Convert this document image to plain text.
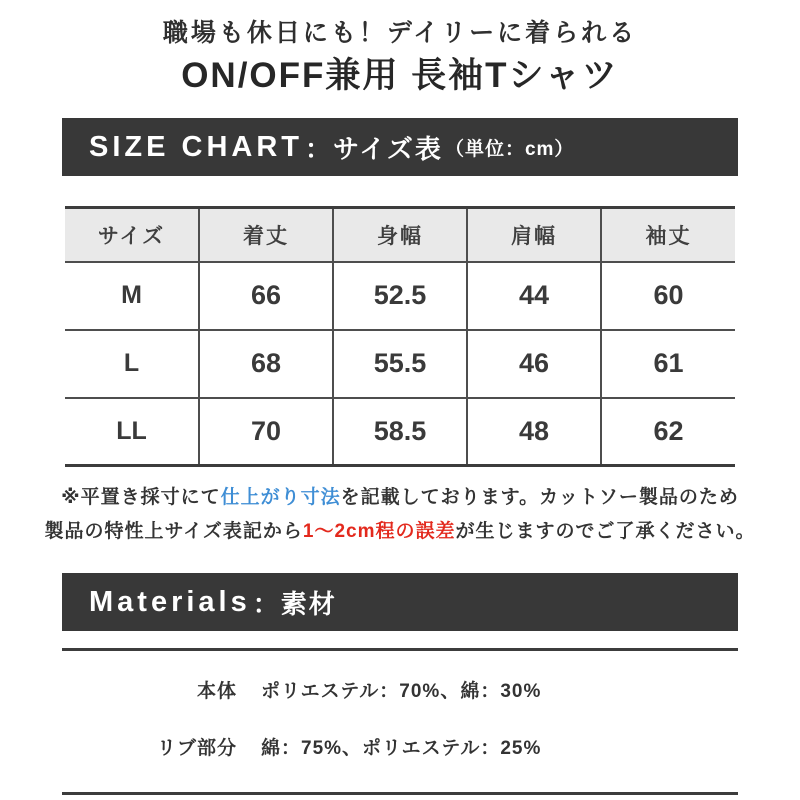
職場も休日にも！デイリーに着られる
ON/OFF兼用 長袖Tシャツ
SIZE CHART ： サイズ表 （単位：cm）
サイズ	着丈	身幅	肩幅	袖丈
M	66	52.5	44	60
L	68	55.5	46	61
LL	70	58.5	48	62
※平置き採寸にて仕上がり寸法を記載しております。カットソー製品のため
製品の特性上サイズ表記から1〜2cm程の誤差が生じますのでご了承ください。
Materials ： 素材
本体 ポリエステル：70%、綿：30%
リブ部分 綿：75%、ポリエステル：25%
